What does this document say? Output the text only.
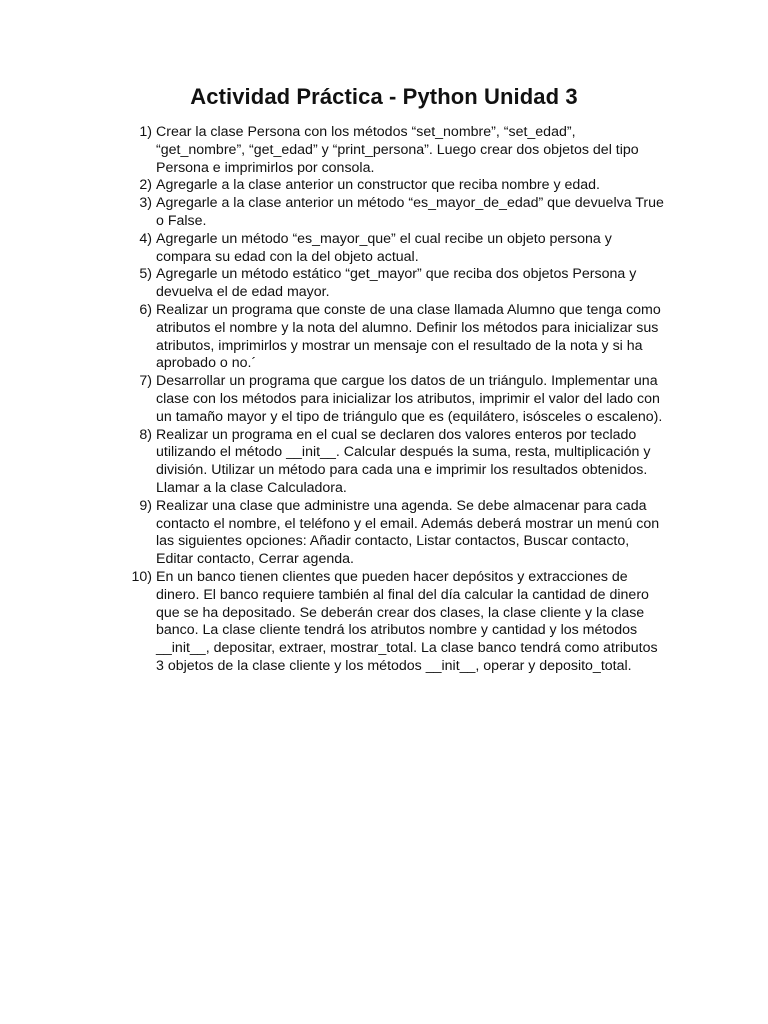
Actividad Práctica - Python Unidad 3
1) Crear la clase Persona con los métodos “set_nombre”, “set_edad”, “get_nombre”, “get_edad” y “print_persona”. Luego crear dos objetos del tipo Persona e imprimirlos por consola.
2) Agregarle a la clase anterior un constructor que reciba nombre y edad.
3) Agregarle a la clase anterior un método “es_mayor_de_edad” que devuelva True o False.
4) Agregarle un método “es_mayor_que” el cual recibe un objeto persona y compara su edad con la del objeto actual.
5) Agregarle un método estático “get_mayor” que reciba dos objetos Persona y devuelva el de edad mayor.
6) Realizar un programa que conste de una clase llamada Alumno que tenga como atributos el nombre y la nota del alumno. Definir los métodos para inicializar sus atributos, imprimirlos y mostrar un mensaje con el resultado de la nota y si ha aprobado o no.´
7) Desarrollar un programa que cargue los datos de un triángulo. Implementar una clase con los métodos para inicializar los atributos, imprimir el valor del lado con un tamaño mayor y el tipo de triángulo que es (equilátero, isósceles o escaleno).
8) Realizar un programa en el cual se declaren dos valores enteros por teclado utilizando el método __init__. Calcular después la suma, resta, multiplicación y división. Utilizar un método para cada una e imprimir los resultados obtenidos. Llamar a la clase Calculadora.
9) Realizar una clase que administre una agenda. Se debe almacenar para cada contacto el nombre, el teléfono y el email. Además deberá mostrar un menú con las siguientes opciones: Añadir contacto, Listar contactos, Buscar contacto, Editar contacto, Cerrar agenda.
10) En un banco tienen clientes que pueden hacer depósitos y extracciones de dinero. El banco requiere también al final del día calcular la cantidad de dinero que se ha depositado. Se deberán crear dos clases, la clase cliente y la clase banco. La clase cliente tendrá los atributos nombre y cantidad y los métodos __init__, depositar, extraer, mostrar_total. La clase banco tendrá como atributos 3 objetos de la clase cliente y los métodos __init__, operar y deposito_total.
